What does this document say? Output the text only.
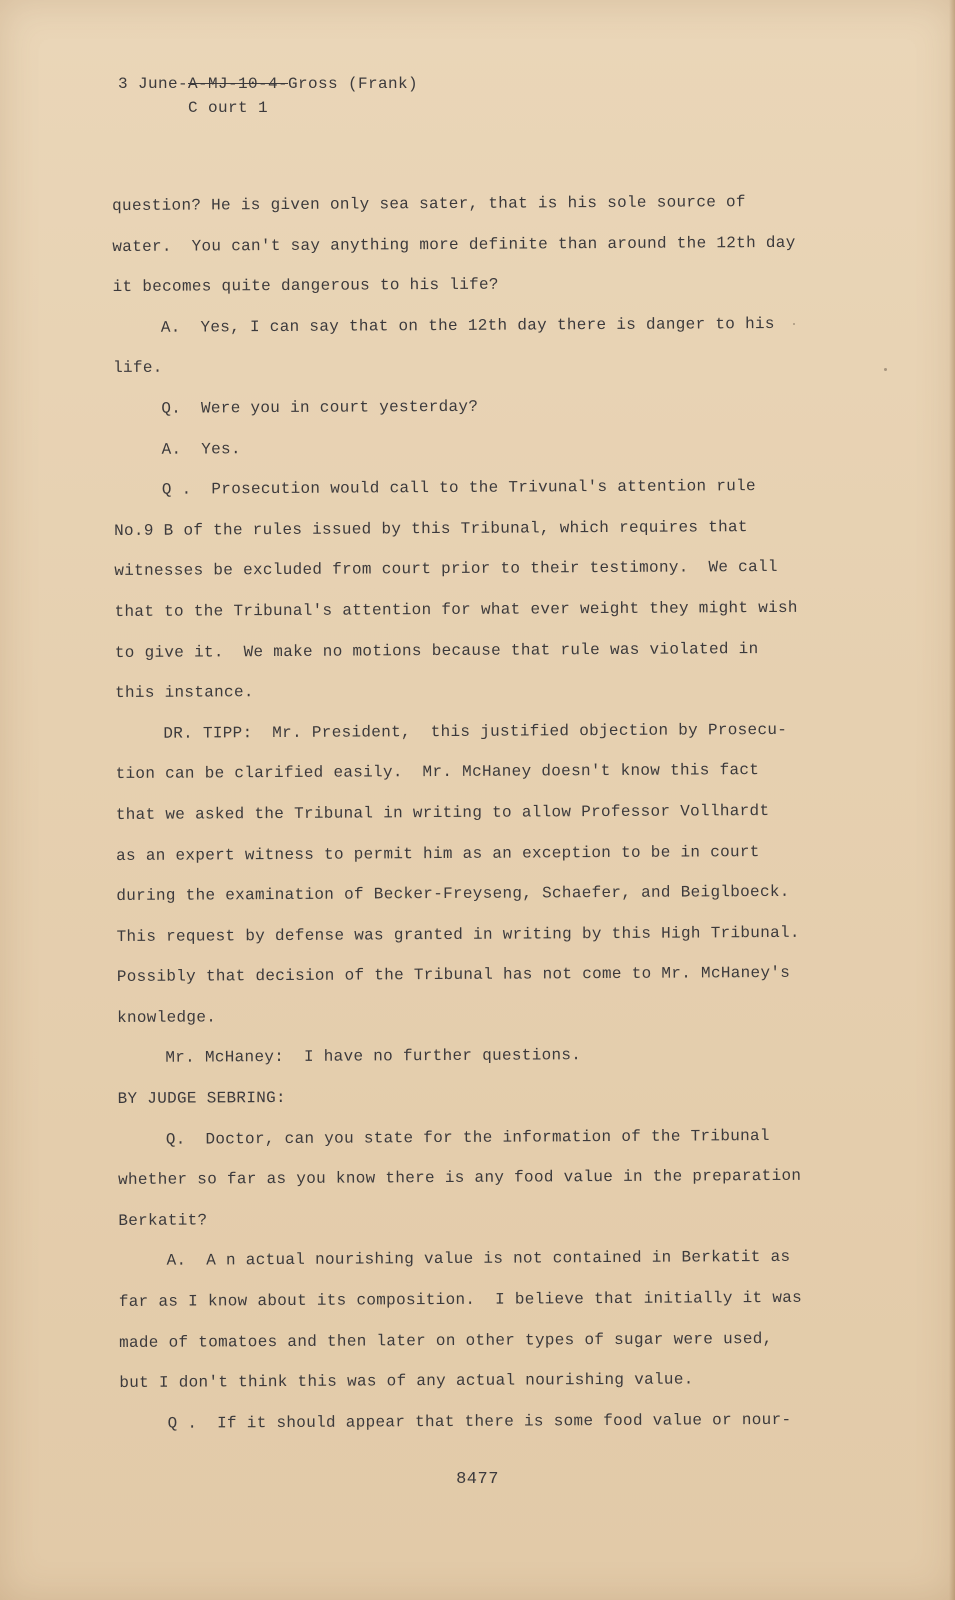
3 June-A-MJ-10-4-Gross (Frank)
C ourt 1

question? He is given only sea sater, that is his sole source of

water.  You can't say anything more definite than around the 12th day

it becomes quite dangerous to his life?

A.  Yes, I can say that on the 12th day there is danger to his

life.

Q.  Were you in court yesterday?

A.  Yes.

Q .  Prosecution would call to the Trivunal's attention rule

No.9 B of the rules issued by this Tribunal, which requires that

witnesses be excluded from court prior to their testimony.  We call

that to the Tribunal's attention for what ever weight they might wish

to give it.  We make no motions because that rule was violated in

this instance.

DR. TIPP:  Mr. President,  this justified objection by Prosecu-

tion can be clarified easily.  Mr. McHaney doesn't know this fact

that we asked the Tribunal in writing to allow Professor Vollhardt

as an expert witness to permit him as an exception to be in court

during the examination of Becker-Freyseng, Schaefer, and Beiglboeck.

This request by defense was granted in writing by this High Tribunal.

Possibly that decision of the Tribunal has not come to Mr. McHaney's

knowledge.

Mr. McHaney:  I have no further questions.

BY JUDGE SEBRING:

Q.  Doctor, can you state for the information of the Tribunal

whether so far as you know there is any food value in the preparation

Berkatit?

A.  A n actual nourishing value is not contained in Berkatit as

far as I know about its composition.  I believe that initially it was

made of tomatoes and then later on other types of sugar were used,

but I don't think this was of any actual nourishing value.

Q .  If it should appear that there is some food value or nour-

8477
